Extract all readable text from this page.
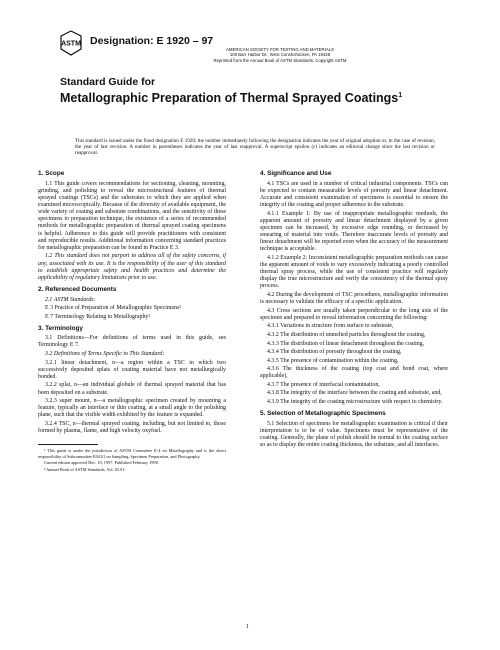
ASTM Designation: E 1920 – 97
AMERICAN SOCIETY FOR TESTING AND MATERIALS
100 Barr Harbor Dr., West Conshohocken, PA 19428
Reprinted from the Annual Book of ASTM Standards. Copyright ASTM
Standard Guide for
Metallographic Preparation of Thermal Sprayed Coatings$^1$
This standard is issued under the fixed designation E 1920; the number immediately following the designation indicates the year of original adoption or, in the case of revision, the year of last revision. A number in parentheses indicates the year of last reapproval. A superscript epsilon (ε) indicates an editorial change since the last revision or reapproval.
1. Scope

1.1 This guide covers recommendations for sectioning, cleaning, mounting, grinding, and polishing to reveal the microstructural features of thermal sprayed coatings (TSCs) and the substrates to which they are applied when examined microscopically. Because of the diversity of available equipment, the wide variety of coating and substrate combinations, and the sensitivity of these specimens to preparation technique, the existence of a series of recommended methods for metallographic preparation of thermal sprayed coating specimens is helpful. Adherence to this guide will provide practitioners with consistent and reproducible results. Additional information concerning standard practices for metallographic preparation can be found in Practice E 3.

1.2 This standard does not purport to address all of the safety concerns, if any, associated with its use. It is the responsibility of the user of this standard to establish appropriate safety and health practices and determine the applicability of regulatory limitations prior to use.

2. Referenced Documents

2.1 ASTM Standards:

E 3 Practice of Preparation of Metallographic Specimens²

E 7 Terminology Relating to Metallography²

3. Terminology

3.1 Definitions—For definitions of terms used in this guide, see Terminology E 7.

3.2 Definitions of Terms Specific to This Standard:

3.2.1 linear detachment, n—a region within a TSC in which two successively deposited splats of coating material have not metallurgically bonded.

3.2.2 splat, n—an individual globule of thermal sprayed material that has been deposited on a substrate.

3.2.3 super mount, n—a metallographic specimen created by mounting a feature, typically an interface or thin coating, at a small angle to the polishing plane, such that the visible width exhibited by the feature is expanded.

3.2.4 TSC, n—thermal sprayed coating, including, but not limited to, those formed by plasma, flame, and high velocity oxyfuel.

¹ This guide is under the jurisdiction of ASTM Committee E-4 on Metallography and is the direct responsibility of Subcommittee E04.01 on Sampling, Specimen Preparation, and Photography.

Current edition approved Dec. 10, 1997. Published February 1998.

² Annual Book of ASTM Standards, Vol. 03.01.

4. Significance and Use

4.1 TSCs are used in a number of critical industrial components. TSCs can be expected to contain measurable levels of porosity and linear detachment. Accurate and consistent examination of specimens is essential to ensure the integrity of the coating and proper adherence to the substrate.

4.1.1 Example 1: By use of inappropriate metallographic methods, the apparent amount of porosity and linear detachment displayed by a given specimen can be increased, by excessive edge rounding, or decreased by smearing of material into voids. Therefore inaccurate levels of porosity and linear detachment will be reported even when the accuracy of the measurement technique is acceptable.

4.1.2 Example 2: Inconsistent metallographic preparation methods can cause the apparent amount of voids to vary excessively indicating a poorly controlled thermal spray process, while the use of consistent practice will regularly display the true microstructure and verify the consistency of the thermal spray process.

4.2 During the development of TSC procedures, metallographic information is necessary to validate the efficacy of a specific application.

4.3 Cross sections are usually taken perpendicular to the long axis of the specimen and prepared to reveal information concerning the following:

4.3.1 Variations in structure from surface to substrate,

4.3.2 The distribution of unmelted particles throughout the coating,

4.3.3 The distribution of linear detachment throughout the coating,

4.3.4 The distribution of porosity throughout the coating,

4.3.5 The presence of contamination within the coating,

4.3.6 The thickness of the coating (top coat and bond coat, where applicable),

4.3.7 The presence of interfacial contamination,

4.3.8 The integrity of the interface between the coating and substrate, and,

4.3.9 The integrity of the coating microstructure with respect to chemistry.

5. Selection of Metallographic Specimens

5.1 Selection of specimens for metallographic examination is critical if their interpretation is to be of value. Specimens must be representative of the coating. Generally, the plane of polish should be normal to the coating surface so as to display the entire coating thickness, the substrate, and all interfaces.

1
